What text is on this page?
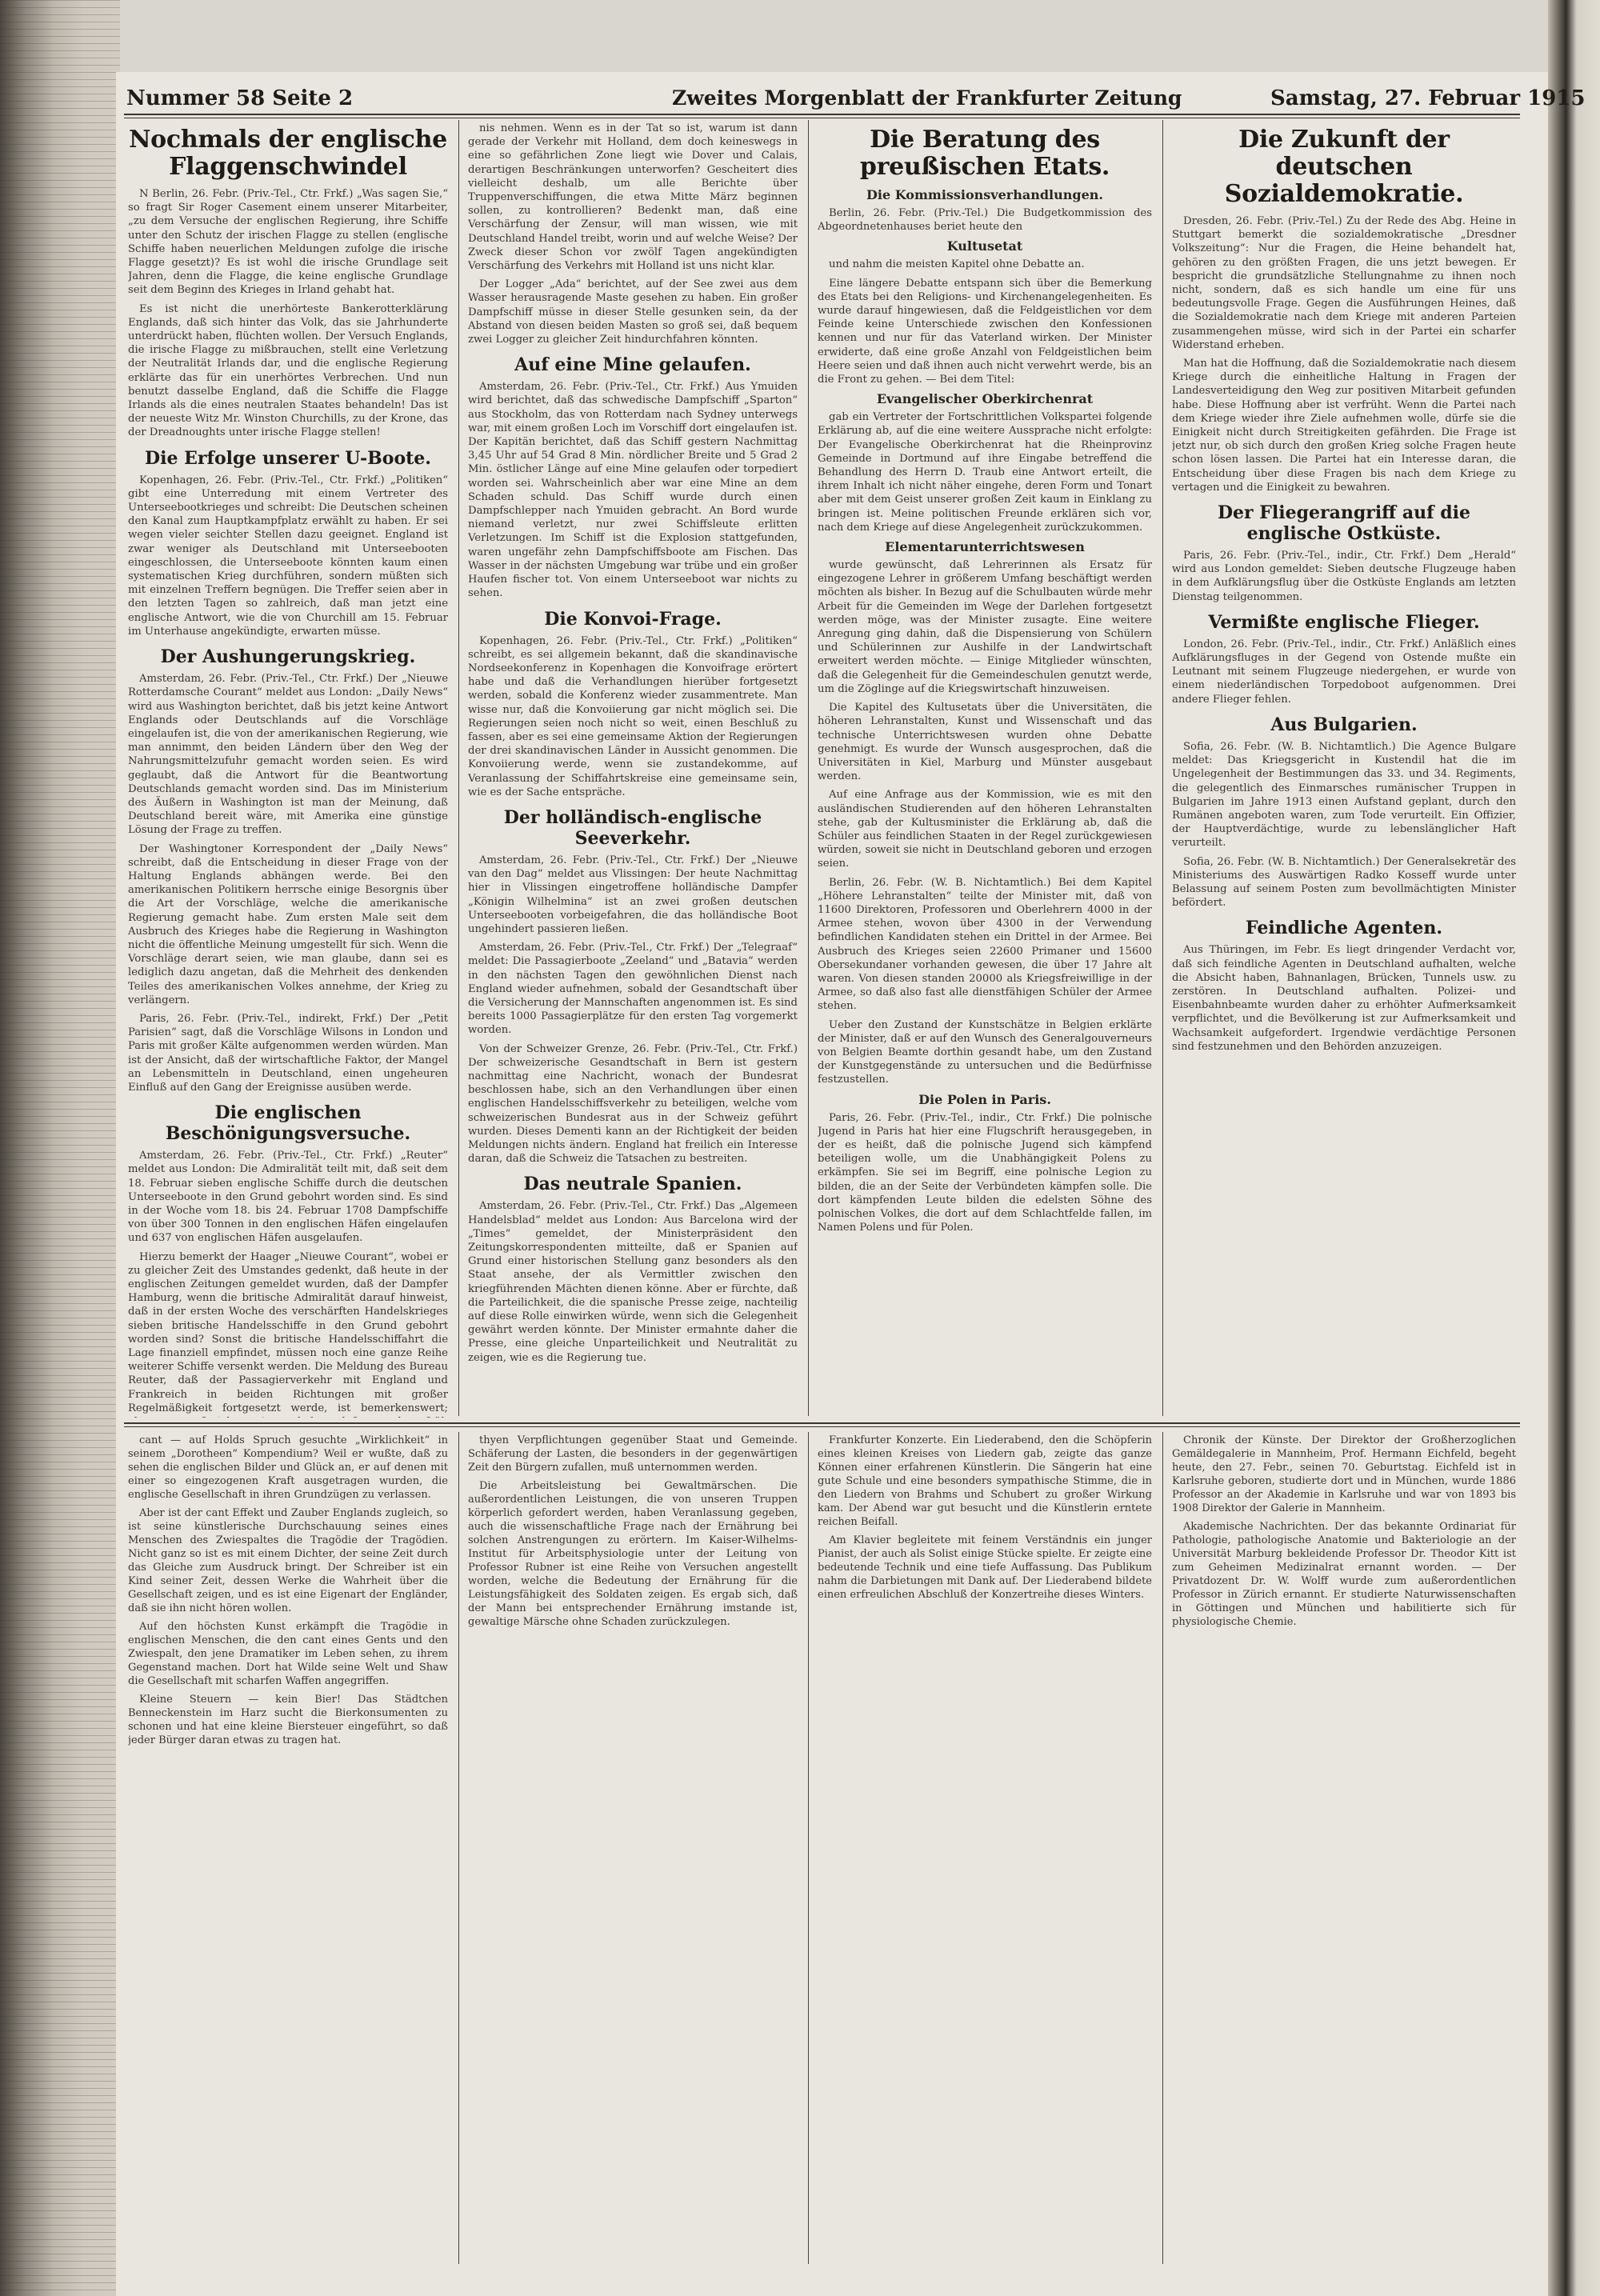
Nummer 58 Seite 2	Zweites Morgenblatt der Frankfurter Zeitung	Samstag, 27. Februar 1915
Nochmals der englische Flaggenschwindel

N Berlin, 26. Febr. (Priv.-Tel., Ctr. Frkf.) „Was sagen Sie,“ so fragt Sir Roger Casement einem unserer Mitarbeiter, „zu dem Versuche der englischen Regierung, ihre Schiffe unter den Schutz der irischen Flagge zu stellen (englische Schiffe haben neuerlichen Meldungen zufolge die irische Flagge gesetzt)? Es ist wohl die irische Grundlage seit Jahren, denn die Flagge, die keine englische Grundlage seit dem Beginn des Krieges in Irland gehabt hat.

Es ist nicht die unerhörteste Bankerotterklärung Englands, daß sich hinter das Volk, das sie Jahrhunderte unterdrückt haben, flüchten wollen. Der Versuch Englands, die irische Flagge zu mißbrauchen, stellt eine Verletzung der Neutralität Irlands dar, und die englische Regierung erklärte das für ein unerhörtes Verbrechen. Und nun benutzt dasselbe England, daß die Schiffe die Flagge Irlands als die eines neutralen Staates behandeln! Das ist der neueste Witz Mr. Winston Churchills, zu der Krone, das der Dreadnoughts unter irische Flagge stellen!

Die Erfolge unserer U-Boote.

Kopenhagen, 26. Febr. (Priv.-Tel., Ctr. Frkf.) „Politiken“ gibt eine Unterredung mit einem Vertreter des Unterseebootkrieges und schreibt: Die Deutschen scheinen den Kanal zum Hauptkampfplatz erwählt zu haben. Er sei wegen vieler seichter Stellen dazu geeignet. England ist zwar weniger als Deutschland mit Unterseebooten eingeschlossen, die Unterseeboote könnten kaum einen systematischen Krieg durchführen, sondern müßten sich mit einzelnen Treffern begnügen. Die Treffer seien aber in den letzten Tagen so zahlreich, daß man jetzt eine englische Antwort, wie die von Churchill am 15. Februar im Unterhause angekündigte, erwarten müsse.

Der Aushungerungskrieg.

Amsterdam, 26. Febr. (Priv.-Tel., Ctr. Frkf.) Der „Nieuwe Rotterdamsche Courant“ meldet aus London: „Daily News“ wird aus Washington berichtet, daß bis jetzt keine Antwort Englands oder Deutschlands auf die Vorschläge eingelaufen ist, die von der amerikanischen Regierung, wie man annimmt, den beiden Ländern über den Weg der Nahrungsmittelzufuhr gemacht worden seien. Es wird geglaubt, daß die Antwort für die Beantwortung Deutschlands gemacht worden sind. Das im Ministerium des Äußern in Washington ist man der Meinung, daß Deutschland bereit wäre, mit Amerika eine günstige Lösung der Frage zu treffen.

Der Washingtoner Korrespondent der „Daily News“ schreibt, daß die Entscheidung in dieser Frage von der Haltung Englands abhängen werde. Bei den amerikanischen Politikern herrsche einige Besorgnis über die Art der Vorschläge, welche die amerikanische Regierung gemacht habe. Zum ersten Male seit dem Ausbruch des Krieges habe die Regierung in Washington nicht die öffentliche Meinung umgestellt für sich. Wenn die Vorschläge derart seien, wie man glaube, dann sei es lediglich dazu angetan, daß die Mehrheit des denkenden Teiles des amerikanischen Volkes annehme, der Krieg zu verlängern.

Paris, 26. Febr. (Priv.-Tel., indirekt, Frkf.) Der „Petit Parisien“ sagt, daß die Vorschläge Wilsons in London und Paris mit großer Kälte aufgenommen werden würden. Man ist der Ansicht, daß der wirtschaftliche Faktor, der Mangel an Lebensmitteln in Deutschland, einen ungeheuren Einfluß auf den Gang der Ereignisse ausüben werde.

Die englischen Beschönigungsversuche.

Amsterdam, 26. Febr. (Priv.-Tel., Ctr. Frkf.) „Reuter“ meldet aus London: Die Admiralität teilt mit, daß seit dem 18. Februar sieben englische Schiffe durch die deutschen Unterseeboote in den Grund gebohrt worden sind. Es sind in der Woche vom 18. bis 24. Februar 1708 Dampfschiffe von über 300 Tonnen in den englischen Häfen eingelaufen und 637 von englischen Häfen ausgelaufen.

Hierzu bemerkt der Haager „Nieuwe Courant“, wobei er zu gleicher Zeit des Umstandes gedenkt, daß heute in der englischen Zeitungen gemeldet wurden, daß der Dampfer Hamburg, wenn die britische Admiralität darauf hinweist, daß in der ersten Woche des verschärften Handelskrieges sieben britische Handelsschiffe in den Grund gebohrt worden sind? Sonst die britische Handelsschiffahrt die Lage finanziell empfindet, müssen noch eine ganze Reihe weiterer Schiffe versenkt werden. Die Meldung des Bureau Reuter, daß der Passagierverkehr mit England und Frankreich in beiden Richtungen mit großer Regelmäßigkeit fortgesetzt werde, ist bemerkenswert;

nis nehmen. Wenn es in der Tat so ist, warum ist dann gerade der Verkehr mit Holland, dem doch keineswegs in eine so gefährlichen Zone liegt wie Dover und Calais, derartigen Beschränkungen unterworfen? Gescheitert dies vielleicht deshalb, um alle Berichte über Truppenverschiffungen, die etwa Mitte März beginnen sollen, zu kontrollieren? Bedenkt man, daß eine Verschärfung der Zensur, will man wissen, wie mit Deutschland Handel treibt, worin und auf welche Weise? Der Zweck dieser Schon vor zwölf Tagen angekündigten Verschärfung des Verkehrs mit Holland ist uns nicht klar.

Der Logger „Ada“ berichtet, auf der See zwei aus dem Wasser herausragende Maste gesehen zu haben. Ein großer Dampfschiff müsse in dieser Stelle gesunken sein, da der Abstand von diesen beiden Masten so groß sei, daß bequem zwei Logger zu gleicher Zeit hindurchfahren könnten.

Auf eine Mine gelaufen.

Amsterdam, 26. Febr. (Priv.-Tel., Ctr. Frkf.) Aus Ymuiden wird berichtet, daß das schwedische Dampfschiff „Sparton“ aus Stockholm, das von Rotterdam nach Sydney unterwegs war, mit einem großen Loch im Vorschiff dort eingelaufen ist. Der Kapitän berichtet, daß das Schiff gestern Nachmittag 3,45 Uhr auf 54 Grad 8 Min. nördlicher Breite und 5 Grad 2 Min. östlicher Länge auf eine Mine gelaufen oder torpediert worden sei. Wahrscheinlich aber war eine Mine an dem Schaden schuld. Das Schiff wurde durch einen Dampfschlepper nach Ymuiden gebracht. An Bord wurde niemand verletzt, nur zwei Schiffsleute erlitten Verletzungen. Im Schiff ist die Explosion stattgefunden, waren ungefähr zehn Dampfschiffsboote am Fischen. Das Wasser in der nächsten Umgebung war trübe und ein großer Haufen fischer tot. Von einem Unterseeboot war nichts zu sehen.

Die Konvoi-Frage.

Kopenhagen, 26. Febr. (Priv.-Tel., Ctr. Frkf.) „Politiken“ schreibt, es sei allgemein bekannt, daß die skandinavische Nordseekonferenz in Kopenhagen die Konvoifrage erörtert habe und daß die Verhandlungen hierüber fortgesetzt werden, sobald die Konferenz wieder zusammentrete. Man wisse nur, daß die Konvoiierung gar nicht möglich sei. Die Regierungen seien noch nicht so weit, einen Beschluß zu fassen, aber es sei eine gemeinsame Aktion der Regierungen der drei skandinavischen Länder in Aussicht genommen. Die Konvoiierung werde, wenn sie zustandekomme, auf Veranlassung der Schiffahrtskreise eine gemeinsame sein, wie es der Sache entspräche.

Der holländisch-englische Seeverkehr.

Amsterdam, 26. Febr. (Priv.-Tel., Ctr. Frkf.) Der „Nieuwe van den Dag“ meldet aus Vlissingen: Der heute Nachmittag hier in Vlissingen eingetroffene holländische Dampfer „Königin Wilhelmina“ ist an zwei großen deutschen Unterseebooten vorbeigefahren, die das holländische Boot ungehindert passieren ließen.

Amsterdam, 26. Febr. (Priv.-Tel., Ctr. Frkf.) Der „Telegraaf“ meldet: Die Passagierboote „Zeeland“ und „Batavia“ werden in den nächsten Tagen den gewöhnlichen Dienst nach England wieder aufnehmen, sobald der Gesandtschaft über die Versicherung der Mannschaften angenommen ist. Es sind bereits 1000 Passagierplätze für den ersten Tag vorgemerkt worden.

Von der Schweizer Grenze, 26. Febr. (Priv.-Tel., Ctr. Frkf.) Der schweizerische Gesandtschaft in Bern ist gestern nachmittag eine Nachricht, wonach der Bundesrat beschlossen habe, sich an den Verhandlungen über einen englischen Handelsschiffsverkehr zu beteiligen, welche vom schweizerischen Bundesrat aus in der Schweiz geführt wurden. Dieses Dementi kann an der Richtigkeit der beiden Meldungen nichts ändern. England hat freilich ein Interesse daran, daß die Schweiz die Tatsachen zu bestreiten.

Das neutrale Spanien.

Amsterdam, 26. Febr. (Priv.-Tel., Ctr. Frkf.) Das „Algemeen Handelsblad“ meldet aus London: Aus Barcelona wird der „Times“ gemeldet, der Ministerpräsident den Zeitungskorrespondenten mitteilte, daß er Spanien auf Grund einer historischen Stellung ganz besonders als den Staat ansehe, der als Vermittler zwischen den kriegführenden Mächten dienen könne. Aber er fürchte, daß die Parteilichkeit, die die spanische Presse zeige, nachteilig auf diese Rolle einwirken würde, wenn sich die Gelegenheit gewährt werden könnte. Der Minister ermahnte daher die Presse, eine gleiche Unparteilichkeit und Neutralität zu zeigen, wie es die Regierung tue.

Die Beratung des preußischen Etats.
Die Kommissionsverhandlungen.

Berlin, 26. Febr. (Priv.-Tel.) Die Budgetkommission des Abgeordnetenhauses beriet heute den

Kultusetat

und nahm die meisten Kapitel ohne Debatte an.

Eine längere Debatte entspann sich über die Bemerkung des Etats bei den Religions- und Kirchenangelegenheiten. Es wurde darauf hingewiesen, daß die Feldgeistlichen vor dem Feinde keine Unterschiede zwischen den Konfessionen kennen und nur für das Vaterland wirken. Der Minister erwiderte, daß eine große Anzahl von Feldgeistlichen beim Heere seien und daß ihnen auch nicht verwehrt werde, bis an die Front zu gehen. — Bei dem Titel:

Evangelischer Oberkirchenrat

gab ein Vertreter der Fortschrittlichen Volkspartei folgende Erklärung ab, auf die eine weitere Aussprache nicht erfolgte: Der Evangelische Oberkirchenrat hat die Rheinprovinz Gemeinde in Dortmund auf ihre Eingabe betreffend die Behandlung des Herrn D. Traub eine Antwort erteilt, die ihrem Inhalt ich nicht näher eingehe, deren Form und Tonart aber mit dem Geist unserer großen Zeit kaum in Einklang zu bringen ist. Meine politischen Freunde erklären sich vor, nach dem Kriege auf diese Angelegenheit zurückzukommen.

Elementarunterrichtswesen

wurde gewünscht, daß Lehrerinnen als Ersatz für eingezogene Lehrer in größerem Umfang beschäftigt werden möchten als bisher. In Bezug auf die Schulbauten würde mehr Arbeit für die Gemeinden im Wege der Darlehen fortgesetzt werden möge, was der Minister zusagte. Eine weitere Anregung ging dahin, daß die Dispensierung von Schülern und Schülerinnen zur Aushilfe in der Landwirtschaft erweitert werden möchte. — Einige Mitglieder wünschten, daß die Gelegenheit für die Gemeindeschulen genutzt werde, um die Zöglinge auf die Kriegswirtschaft hinzuweisen.

Die Kapitel des Kultusetats über die Universitäten, die höheren Lehranstalten, Kunst und Wissenschaft und das technische Unterrichtswesen wurden ohne Debatte genehmigt. Es wurde der Wunsch ausgesprochen, daß die Universitäten in Kiel, Marburg und Münster ausgebaut werden.

Auf eine Anfrage aus der Kommission, wie es mit den ausländischen Studierenden auf den höheren Lehranstalten stehe, gab der Kultusminister die Erklärung ab, daß die Schüler aus feindlichen Staaten in der Regel zurückgewiesen würden, soweit sie nicht in Deutschland geboren und erzogen seien.

Berlin, 26. Febr. (W. B. Nichtamtlich.) Bei dem Kapitel „Höhere Lehranstalten“ teilte der Minister mit, daß von 11600 Direktoren, Professoren und Oberlehrern 4000 in der Armee stehen, wovon über 4300 in der Verwendung befindlichen Kandidaten stehen ein Drittel in der Armee. Bei Ausbruch des Krieges seien 22600 Primaner und 15600 Obersekundaner vorhanden gewesen, die über 17 Jahre alt waren. Von diesen standen 20000 als Kriegsfreiwillige in der Armee, so daß also fast alle dienstfähigen Schüler der Armee stehen.

Ueber den Zustand der Kunstschätze in Belgien erklärte der Minister, daß er auf den Wunsch des Generalgouverneurs von Belgien Beamte dorthin gesandt habe, um den Zustand der Kunstgegenstände zu untersuchen und die Bedürfnisse festzustellen.

Die Polen in Paris.

Paris, 26. Febr. (Priv.-Tel., indir., Ctr. Frkf.) Die polnische Jugend in Paris hat hier eine Flugschrift herausgegeben, in der es heißt, daß die polnische Jugend sich kämpfend beteiligen wolle, um die Unabhängigkeit Polens zu erkämpfen. Sie sei im Begriff, eine polnische Legion zu bilden, die an der Seite der Verbündeten kämpfen solle. Die dort kämpfenden Leute bilden die edelsten Söhne des polnischen Volkes, die dort auf dem Schlachtfelde fallen, im Namen Polens und für Polen.

Die Zukunft der deutschen Sozialdemokratie.

Dresden, 26. Febr. (Priv.-Tel.) Zu der Rede des Abg. Heine in Stuttgart bemerkt die sozialdemokratische „Dresdner Volkszeitung“: Nur die Fragen, die Heine behandelt hat, gehören zu den größten Fragen, die uns jetzt bewegen. Er bespricht die grundsätzliche Stellungnahme zu ihnen noch nicht, sondern, daß es sich handle um eine für uns bedeutungsvolle Frage. Gegen die Ausführungen Heines, daß die Sozialdemokratie nach dem Kriege mit anderen Parteien zusammengehen müsse, wird sich in der Partei ein scharfer Widerstand erheben.

Man hat die Hoffnung, daß die Sozialdemokratie nach diesem Kriege durch die einheitliche Haltung in Fragen der Landesverteidigung den Weg zur positiven Mitarbeit gefunden habe. Diese Hoffnung aber ist verfrüht. Wenn die Partei nach dem Kriege wieder ihre Ziele aufnehmen wolle, dürfe sie die Einigkeit nicht durch Streitigkeiten gefährden. Die Frage ist jetzt nur, ob sich durch den großen Krieg solche Fragen heute schon lösen lassen. Die Partei hat ein Interesse daran, die Entscheidung über diese Fragen bis nach dem Kriege zu vertagen und die Einigkeit zu bewahren.

Der Fliegerangriff auf die englische Ostküste.

Paris, 26. Febr. (Priv.-Tel., indir., Ctr. Frkf.) Dem „Herald“ wird aus London gemeldet: Sieben deutsche Flugzeuge haben in dem Aufklärungsflug über die Ostküste Englands am letzten Dienstag teilgenommen.

Vermißte englische Flieger.

London, 26. Febr. (Priv.-Tel., indir., Ctr. Frkf.) Anläßlich eines Aufklärungsfluges in der Gegend von Ostende mußte ein Leutnant mit seinem Flugzeuge niedergehen, er wurde von einem niederländischen Torpedoboot aufgenommen. Drei andere Flieger fehlen.

Aus Bulgarien.

Sofia, 26. Febr. (W. B. Nichtamtlich.) Die Agence Bulgare meldet: Das Kriegsgericht in Kustendil hat die im Ungelegenheit der Bestimmungen das 33. und 34. Regiments, die gelegentlich des Einmarsches rumänischer Truppen in Bulgarien im Jahre 1913 einen Aufstand geplant, durch den Rumänen angeboten waren, zum Tode verurteilt. Ein Offizier, der Hauptverdächtige, wurde zu lebenslänglicher Haft verurteilt.

Sofia, 26. Febr. (W. B. Nichtamtlich.) Der Generalsekretär des Ministeriums des Auswärtigen Radko Kosseff wurde unter Belassung auf seinem Posten zum bevollmächtigten Minister befördert.

Feindliche Agenten.

Aus Thüringen, im Febr. Es liegt dringender Verdacht vor, daß sich feindliche Agenten in Deutschland aufhalten, welche die Absicht haben, Bahnanlagen, Brücken, Tunnels usw. zu zerstören. In Deutschland aufhalten. Polizei- und Eisenbahnbeamte wurden daher zu erhöhter Aufmerksamkeit verpflichtet, und die Bevölkerung ist zur Aufmerksamkeit und Wachsamkeit aufgefordert. Irgendwie verdächtige Personen sind festzunehmen und den Behörden anzuzeigen.

cant — auf Holds Spruch gesuchte „Wirklichkeit“ in seinem „Dorotheen“ Kompendium? Weil er wußte, daß zu sehen die englischen Bilder und Glück an, er auf denen mit einer so eingezogenen Kraft ausgetragen wurden, die englische Gesellschaft in ihren Grundzügen zu verlassen.

Aber ist der cant Effekt und Zauber Englands zugleich, so ist seine künstlerische Durchschauung seines eines Menschen des Zwiespaltes die Tragödie der Tragödien. Nicht ganz so ist es mit einem Dichter, der seine Zeit durch das Gleiche zum Ausdruck bringt. Der Schreiber ist ein Kind seiner Zeit, dessen Werke die Wahrheit über die Gesellschaft zeigen, und es ist eine Eigenart der Engländer, daß sie ihn nicht hören wollen.

Auf den höchsten Kunst erkämpft die Tragödie in englischen Menschen, die den cant eines Gents und den Zwiespalt, den jene Dramatiker im Leben sehen, zu ihrem Gegenstand machen. Dort hat Wilde seine Welt und Shaw die Gesellschaft mit scharfen Waffen angegriffen.

Kleine Steuern — kein Bier! Das Städtchen Benneckenstein im Harz sucht die Bierkonsumenten zu schonen und hat eine kleine Biersteuer eingeführt, so daß jeder Bürger daran etwas zu tragen hat.

thyen Verpflichtungen gegenüber Staat und Gemeinde. Schäferung der Lasten, die besonders in der gegenwärtigen Zeit den Bürgern zufallen, muß unternommen werden.

Die Arbeitsleistung bei Gewaltmärschen. Die außerordentlichen Leistungen, die von unseren Truppen körperlich gefordert werden, haben Veranlassung gegeben, auch die wissenschaftliche Frage nach der Ernährung bei solchen Anstrengungen zu erörtern. Im Kaiser-Wilhelms-Institut für Arbeitsphysiologie unter der Leitung von Professor Rubner ist eine Reihe von Versuchen angestellt worden, welche die Bedeutung der Ernährung für die Leistungsfähigkeit des Soldaten zeigen. Es ergab sich, daß der Mann bei entsprechender Ernährung imstande ist, gewaltige Märsche ohne Schaden zurückzulegen.

Frankfurter Konzerte. Ein Liederabend, den die Schöpferin eines kleinen Kreises von Liedern gab, zeigte das ganze Können einer erfahrenen Künstlerin. Die Sängerin hat eine gute Schule und eine besonders sympathische Stimme, die in den Liedern von Brahms und Schubert zu großer Wirkung kam. Der Abend war gut besucht und die Künstlerin erntete reichen Beifall.

Am Klavier begleitete mit feinem Verständnis ein junger Pianist, der auch als Solist einige Stücke spielte. Er zeigte eine bedeutende Technik und eine tiefe Auffassung. Das Publikum nahm die Darbietungen mit Dank auf. Der Liederabend bildete einen erfreulichen Abschluß der Konzertreihe dieses Winters.

Chronik der Künste. Der Direktor der Großherzoglichen Gemäldegalerie in Mannheim, Prof. Hermann Eichfeld, begeht heute, den 27. Febr., seinen 70. Geburtstag. Eichfeld ist in Karlsruhe geboren, studierte dort und in München, wurde 1886 Professor an der Akademie in Karlsruhe und war von 1893 bis 1908 Direktor der Galerie in Mannheim.

Akademische Nachrichten. Der das bekannte Ordinariat für Pathologie, pathologische Anatomie und Bakteriologie an der Universität Marburg bekleidende Professor Dr. Theodor Kitt ist zum Geheimen Medizinalrat ernannt worden. — Der Privatdozent Dr. W. Wolff wurde zum außerordentlichen Professor in Zürich ernannt. Er studierte Naturwissenschaften in Göttingen und München und habilitierte sich für physiologische Chemie.
